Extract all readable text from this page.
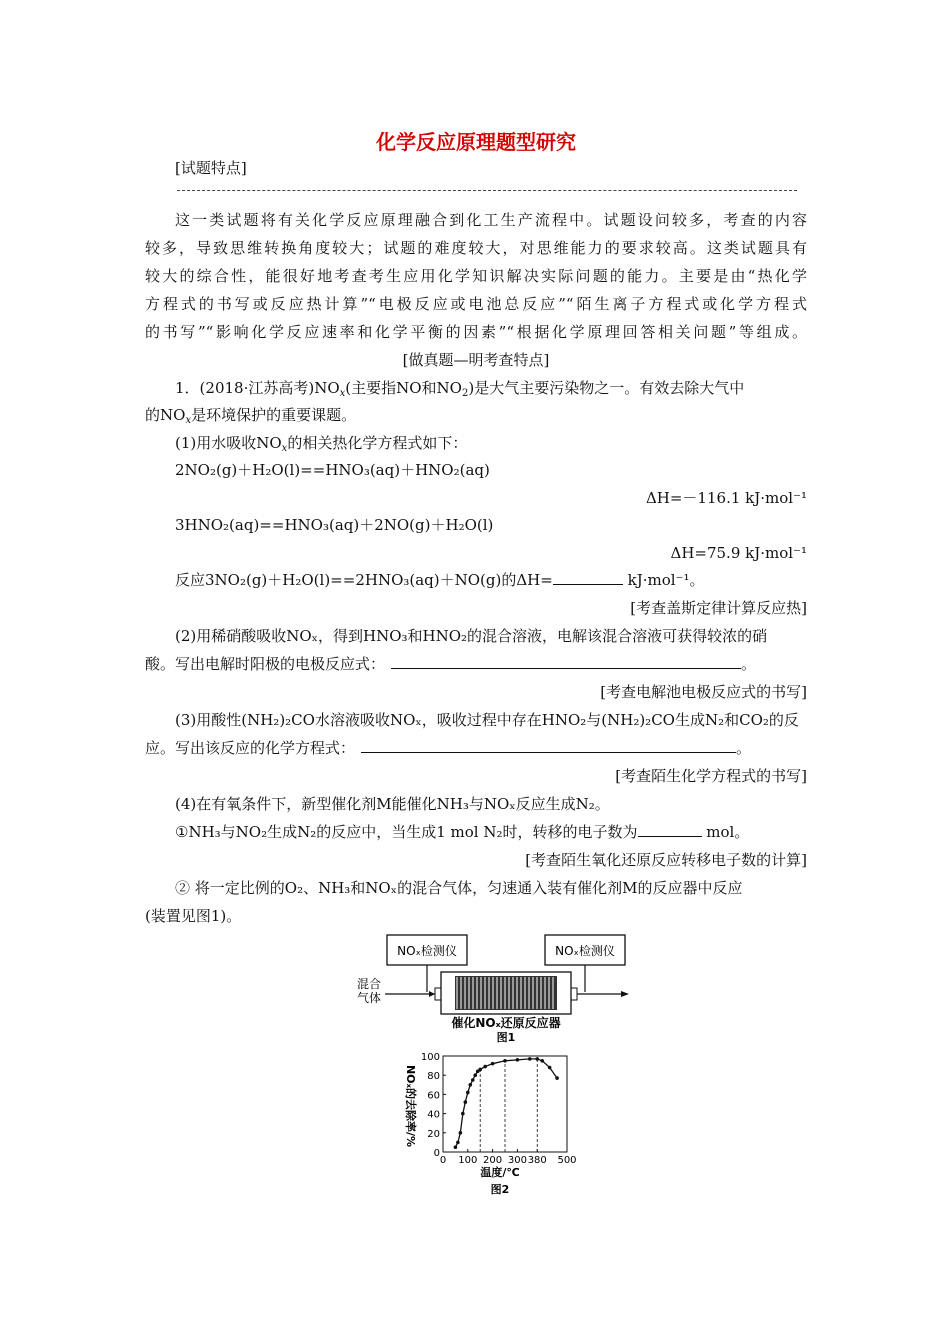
化学反应原理题型研究
[试题特点]
这一类试题将有关化学反应原理融合到化工生产流程中。试题设问较多，考查的内容
较多，导致思维转换角度较大；试题的难度较大，对思维能力的要求较高。这类试题具有
较大的综合性，能很好地考查考生应用化学知识解决实际问题的能力。主要是由“热化学
方程式的书写或反应热计算”“电极反应或电池总反应”“陌生离子方程式或化学方程式
的书写”“影响化学反应速率和化学平衡的因素”“根据化学原理回答相关问题”等组成。
[做真题—明考查特点]
1．(2018·江苏高考)$NO_x$(主要指NO和$NO_2$)是大气主要污染物之一。有效去除大气中
的$NO_x$是环境保护的重要课题。
(1)用水吸收$NO_x$的相关热化学方程式如下：
2NO₂(g)＋H₂O(l)==HNO₃(aq)＋HNO₂(aq)
ΔH=－116.1 kJ·mol⁻¹
3HNO₂(aq)==HNO₃(aq)＋2NO(g)＋H₂O(l)
ΔH=75.9 kJ·mol⁻¹
反应3NO₂(g)＋H₂O(l)==2HNO₃(aq)＋NO(g)的ΔH=	kJ·mol⁻¹。
[考查盖斯定律计算反应热]
(2)用稀硝酸吸收NOₓ，得到HNO₃和HNO₂的混合溶液，电解该混合溶液可获得较浓的硝
酸。写出电解时阳极的电极反应式：	。
[考查电解池电极反应式的书写]
(3)用酸性(NH₂)₂CO水溶液吸收NOₓ，吸收过程中存在HNO₂与(NH₂)₂CO生成N₂和CO₂的反
应。写出该反应的化学方程式：	。
[考查陌生化学方程式的书写]
(4)在有氧条件下，新型催化剂M能催化NH₃与NOₓ反应生成N₂。
①NH₃与NO₂生成N₂的反应中，当生成1 mol N₂时，转移的电子数为	mol。
[考查陌生氧化还原反应转移电子数的计算]
② 将一定比例的O₂、NH₃和NOₓ的混合气体，匀速通入装有催化剂M的反应器中反应
(装置见图1)。
NOₓ检测仪	NOₓ检测仪
混合
气体
催化NOₓ还原反应器
图1
0
20
40
60
80
100
0 100 200 300 380 500
温度/℃
图2
NOₓ的去除率/%
